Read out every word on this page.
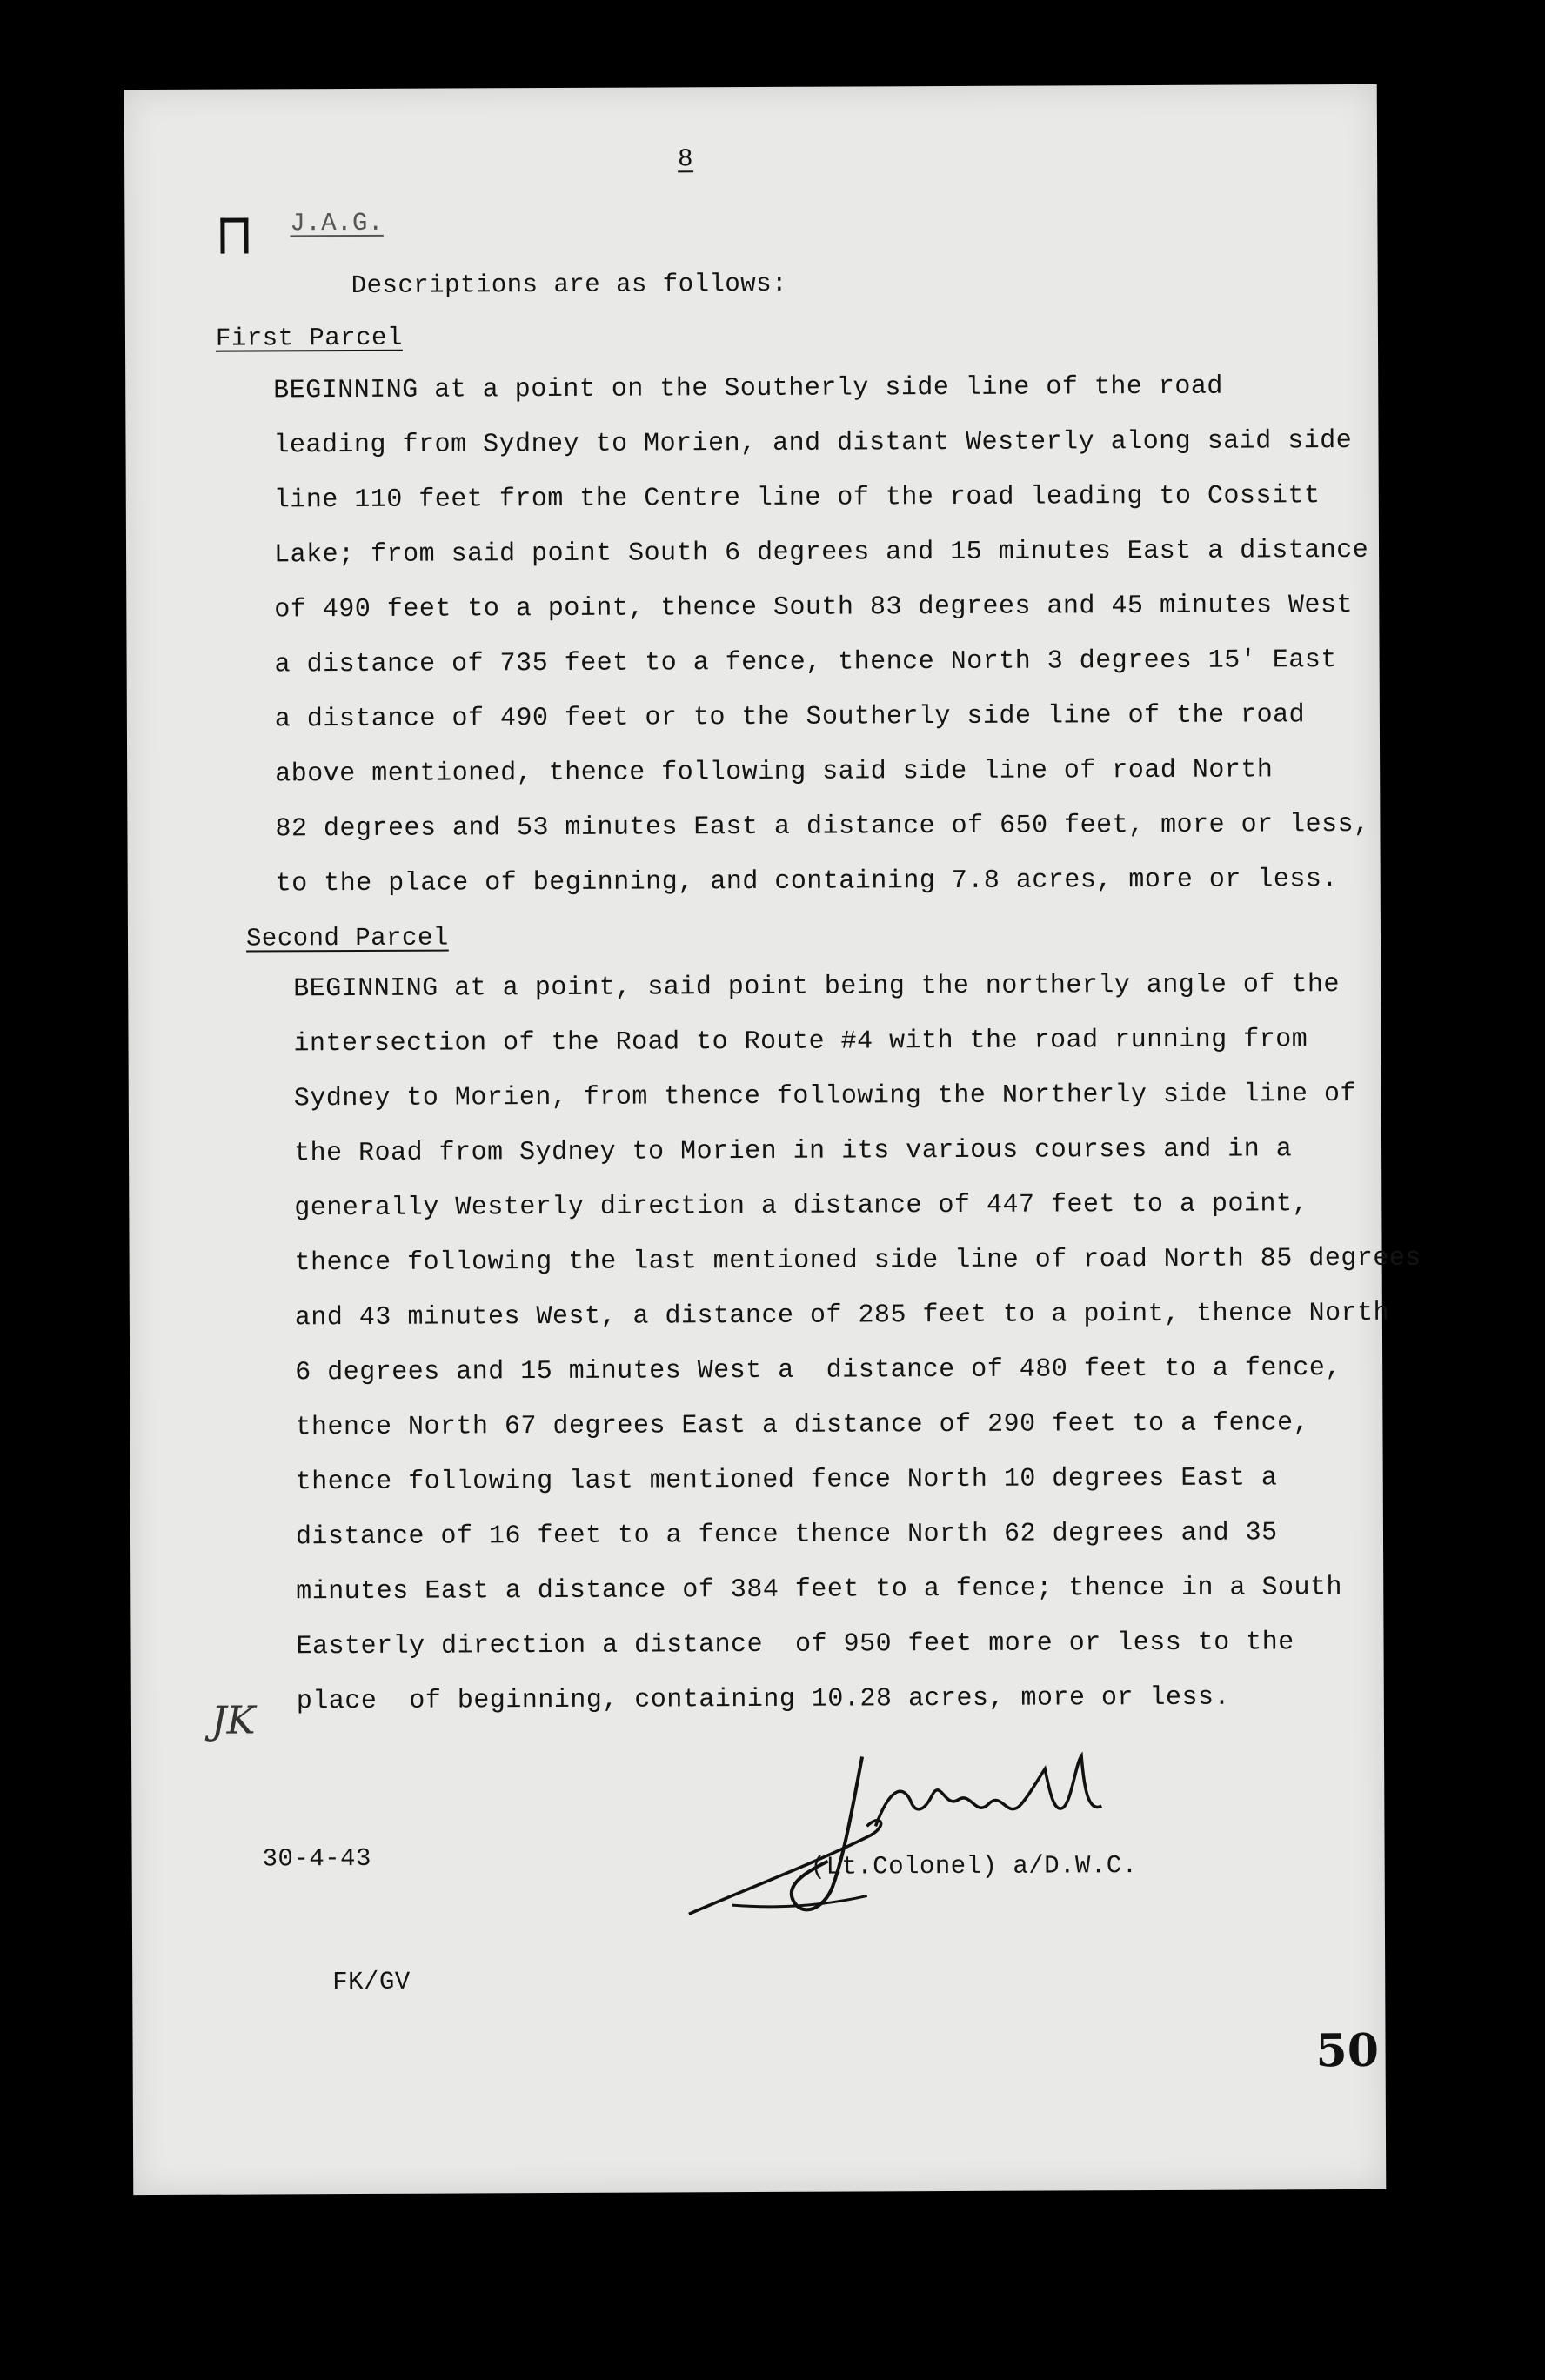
8
J.A.G.
Descriptions are as follows:
First Parcel
BEGINNING at a point on the Southerly side line of the road
leading from Sydney to Morien, and distant Westerly along said side
line 110 feet from the Centre line of the road leading to Cossitt
Lake; from said point South 6 degrees and 15 minutes East a distance
of 490 feet to a point, thence South 83 degrees and 45 minutes West
a distance of 735 feet to a fence, thence North 3 degrees 15' East
a distance of 490 feet or to the Southerly side line of the road
above mentioned, thence following said side line of road North
82 degrees and 53 minutes East a distance of 650 feet, more or less,
to the place of beginning, and containing 7.8 acres, more or less.
Second Parcel
BEGINNING at a point, said point being the northerly angle of the
intersection of the Road to Route #4 with the road running from
Sydney to Morien, from thence following the Northerly side line of
the Road from Sydney to Morien in its various courses and in a
generally Westerly direction a distance of 447 feet to a point,
thence following the last mentioned side line of road North 85 degrees
and 43 minutes West, a distance of 285 feet to a point, thence North
6 degrees and 15 minutes West a  distance of 480 feet to a fence,
thence North 67 degrees East a distance of 290 feet to a fence,
thence following last mentioned fence North 10 degrees East a
distance of 16 feet to a fence thence North 62 degrees and 35
minutes East a distance of 384 feet to a fence; thence in a South
Easterly direction a distance  of 950 feet more or less to the
place  of beginning, containing 10.28 acres, more or less.
JK
30-4-43	(Lt.Colonel) a/D.W.C.
FK/GV
50
